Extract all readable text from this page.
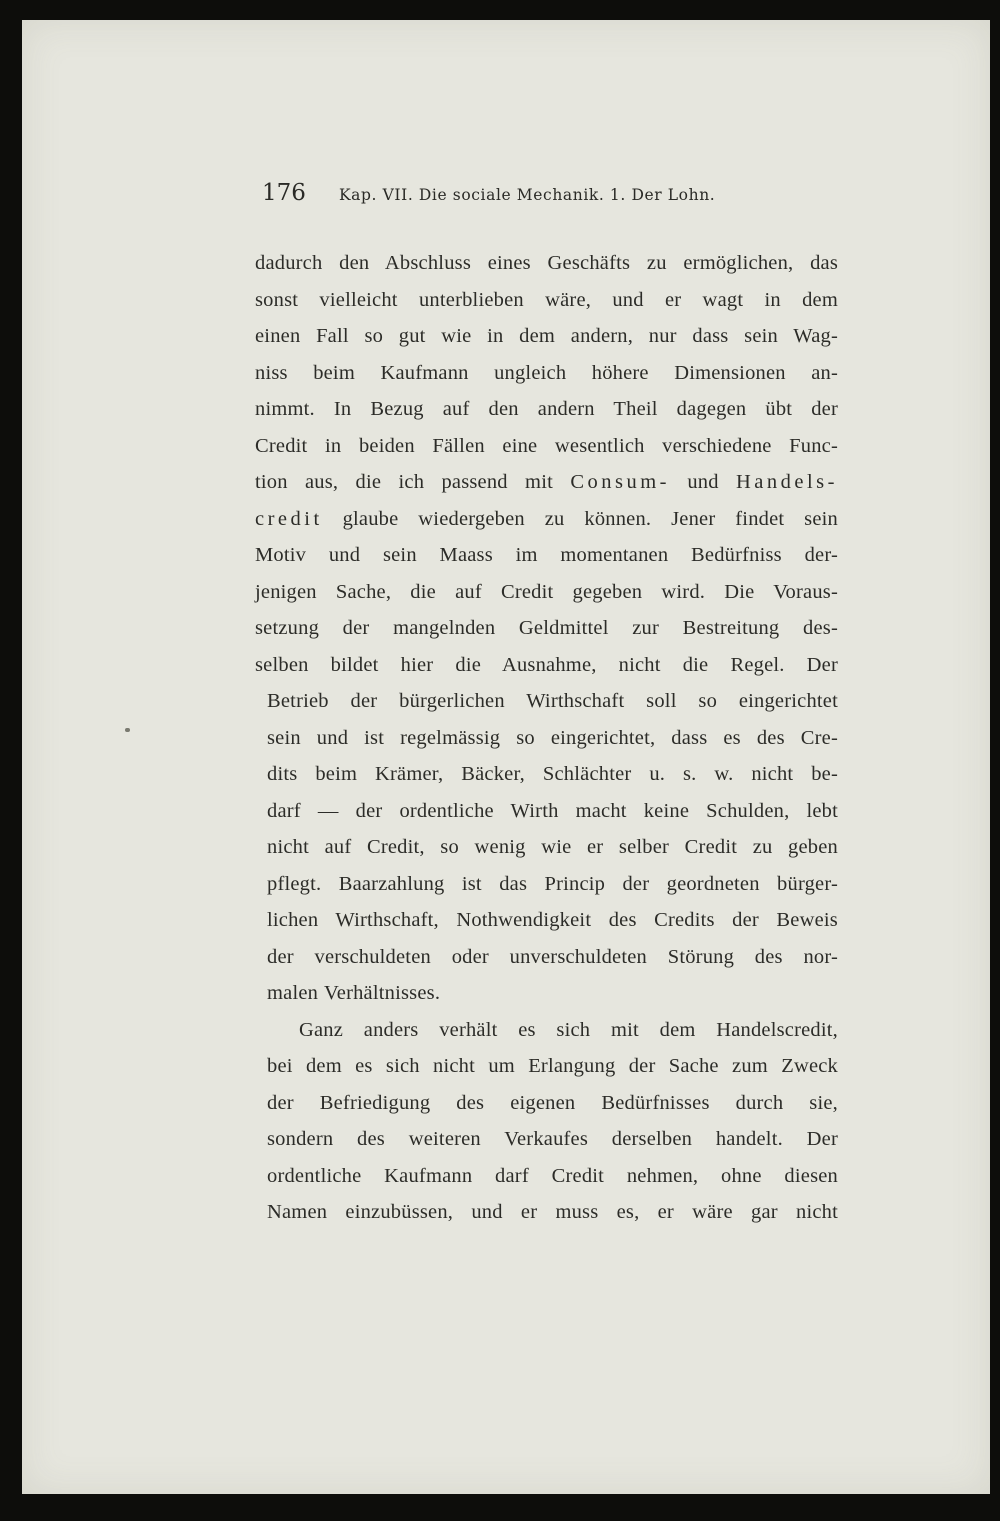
176 Kap. VII. Die sociale Mechanik. 1. Der Lohn.
dadurch den Abschluss eines Geschäfts zu ermöglichen, das
sonst vielleicht unterblieben wäre, und er wagt in dem
einen Fall so gut wie in dem andern, nur dass sein Wag-
niss beim Kaufmann ungleich höhere Dimensionen an-
nimmt. In Bezug auf den andern Theil dagegen übt der
Credit in beiden Fällen eine wesentlich verschiedene Func-
tion aus, die ich passend mit Consum- und Handels-
credit glaube wiedergeben zu können. Jener findet sein
Motiv und sein Maass im momentanen Bedürfniss der-
jenigen Sache, die auf Credit gegeben wird. Die Voraus-
setzung der mangelnden Geldmittel zur Bestreitung des-
selben bildet hier die Ausnahme, nicht die Regel. Der
Betrieb der bürgerlichen Wirthschaft soll so eingerichtet
sein und ist regelmässig so eingerichtet, dass es des Cre-
dits beim Krämer, Bäcker, Schlächter u. s. w. nicht be-
darf — der ordentliche Wirth macht keine Schulden, lebt
nicht auf Credit, so wenig wie er selber Credit zu geben
pflegt. Baarzahlung ist das Princip der geordneten bürger-
lichen Wirthschaft, Nothwendigkeit des Credits der Beweis
der verschuldeten oder unverschuldeten Störung des nor-
malen Verhältnisses.
Ganz anders verhält es sich mit dem Handelscredit,
bei dem es sich nicht um Erlangung der Sache zum Zweck
der Befriedigung des eigenen Bedürfnisses durch sie,
sondern des weiteren Verkaufes derselben handelt. Der
ordentliche Kaufmann darf Credit nehmen, ohne diesen
Namen einzubüssen, und er muss es, er wäre gar nicht
